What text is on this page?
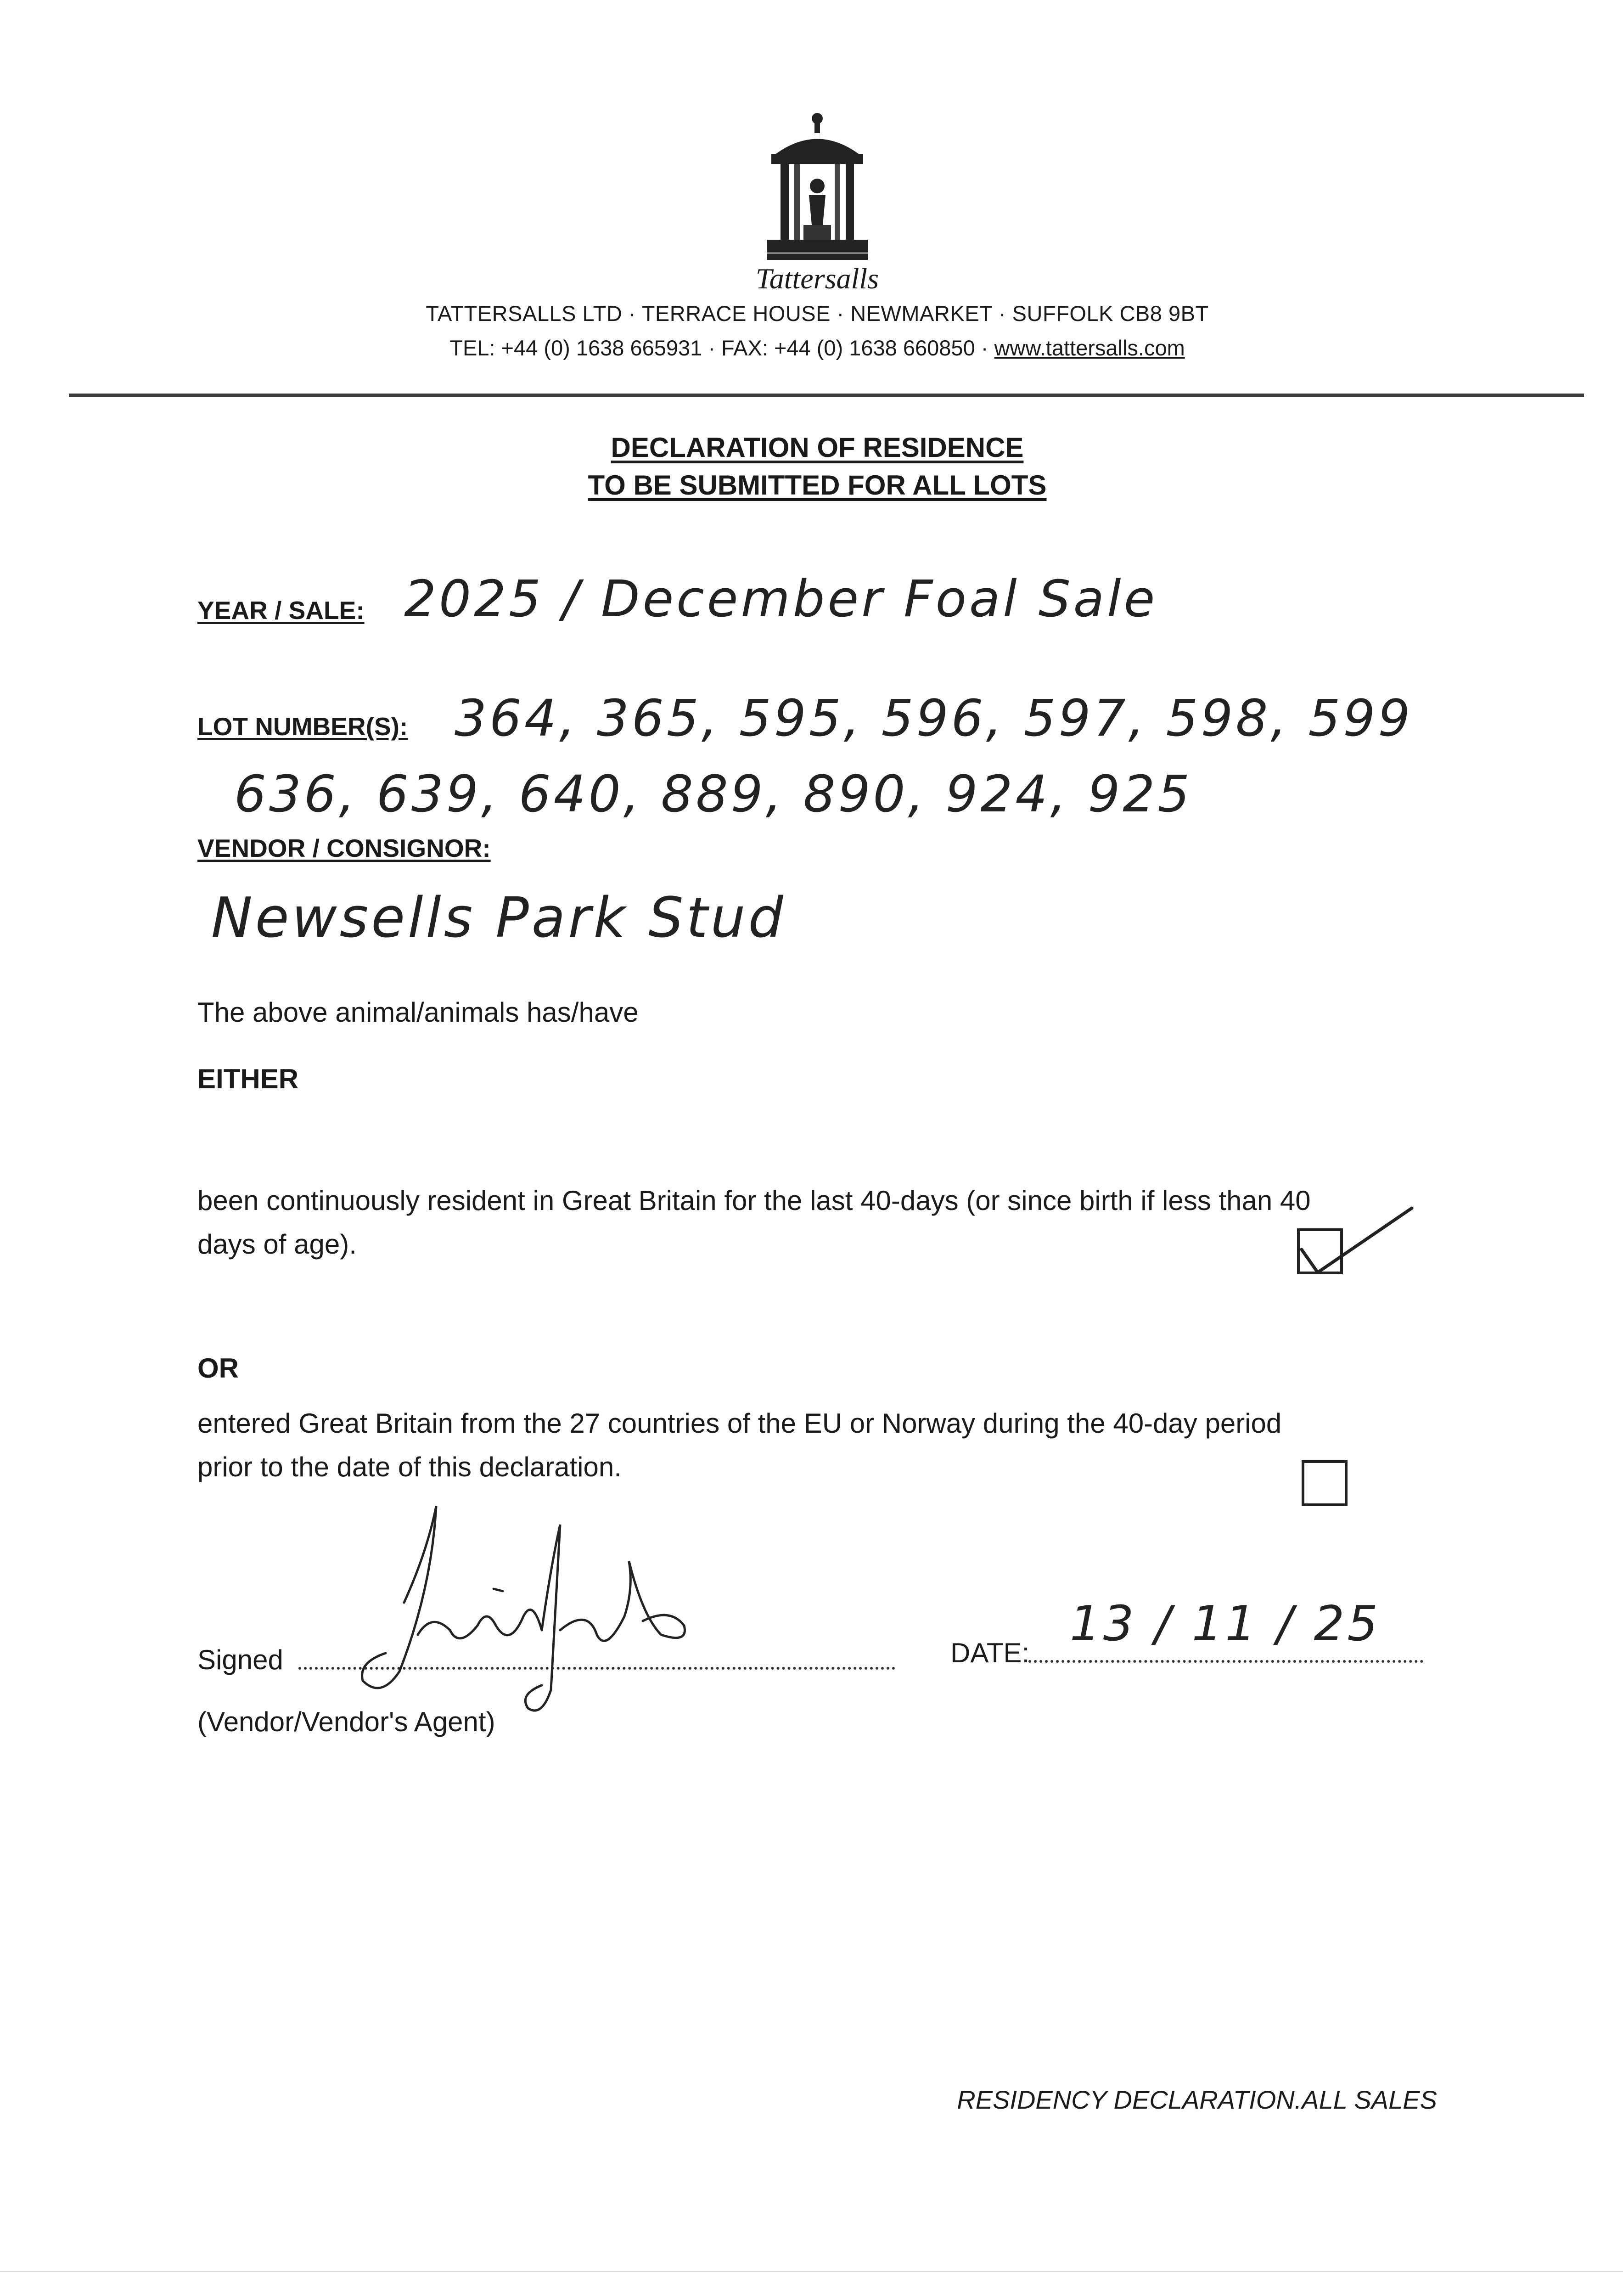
Tattersalls
TATTERSALLS LTD · TERRACE HOUSE · NEWMARKET · SUFFOLK CB8 9BT
TEL: +44 (0) 1638 665931 · FAX: +44 (0) 1638 660850 · www.tattersalls.com
DECLARATION OF RESIDENCE
TO BE SUBMITTED FOR ALL LOTS
YEAR / SALE: 2025 / December Foal Sale
LOT NUMBER(S): 364, 365, 595, 596, 597, 598, 599
636, 639, 640, 889, 890, 924, 925
VENDOR / CONSIGNOR:
Newsells Park Stud
The above animal/animals has/have
EITHER
been continuously resident in Great Britain for the last 40-days (or since birth if less than 40
days of age).
OR
entered Great Britain from the 27 countries of the EU or Norway during the 40-day period
prior to the date of this declaration.
Signed
(Vendor/Vendor's Agent)
DATE:
13 / 11 / 25
RESIDENCY DECLARATION.ALL SALES
